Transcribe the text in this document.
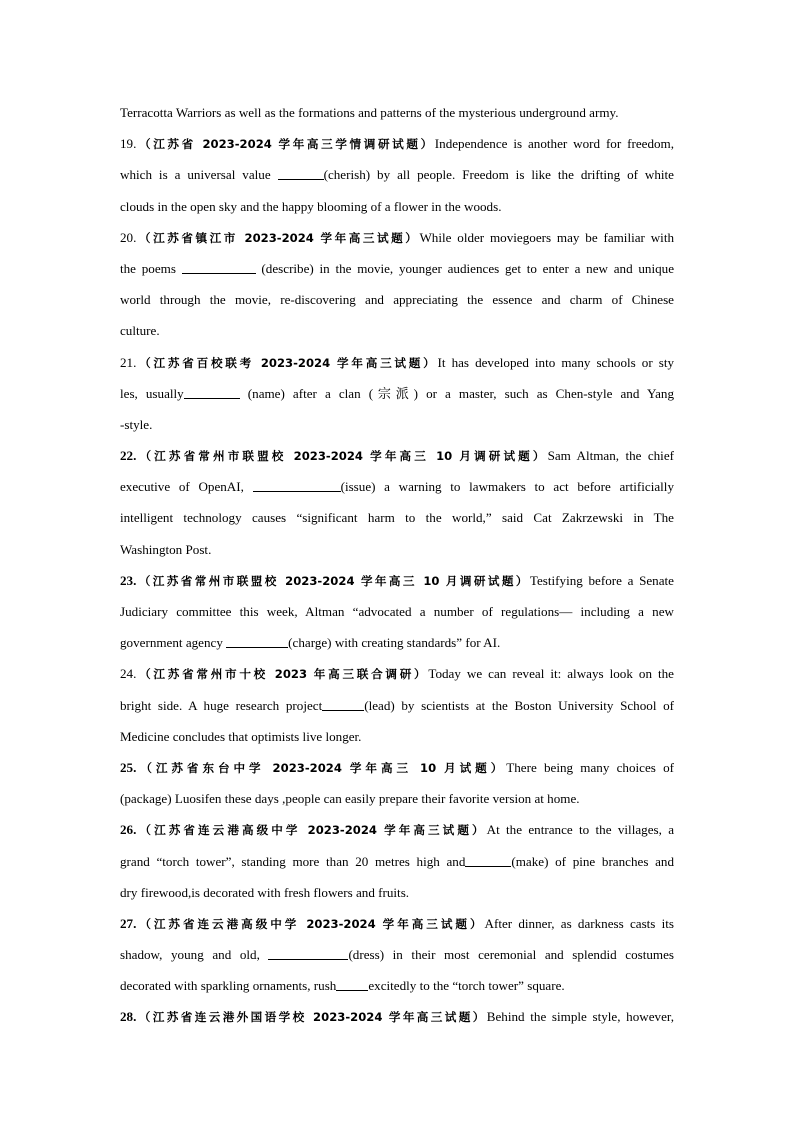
Terracotta Warriors as well as the formations and patterns of the mysterious underground army.
19.（江苏省 2023-2024 学年高三学情调研试题）Independence is another word for freedom,
which is a universal value	(cherish) by all people. Freedom is like the drifting of white
clouds in the open sky and the happy blooming of a flower in the woods.
20.（江苏省镇江市 2023-2024 学年高三试题）While older moviegoers may be familiar with
the poems	(describe) in the movie, younger audiences get to enter a new and unique
world through the movie, re-discovering and appreciating the essence and charm of Chinese
culture.
21.（江苏省百校联考 2023-2024 学年高三试题）It has developed into many schools or sty
les, usually	(name) after a clan (宗派) or a master, such as Chen-style and Yang
-style.
22.（江苏省常州市联盟校 2023-2024 学年高三 10 月调研试题）Sam Altman, the chief
executive of OpenAI,	(issue) a warning to lawmakers to act before artificially
intelligent technology causes “significant harm to the world,” said Cat Zakrzewski in The
Washington Post.
23.（江苏省常州市联盟校 2023-2024 学年高三 10 月调研试题）Testifying before a Senate
Judiciary committee this week, Altman “advocated a number of regulations— including a new
government agency	(charge) with creating standards” for AI.
24.（江苏省常州市十校 2023 年高三联合调研）Today we can reveal it: always look on the
bright side. A huge research project	(lead) by scientists at the Boston University School of
Medicine concludes that optimists live longer.
25.（江苏省东台中学 2023-2024 学年高三 10 月试题）There being many choices of
(package) Luosifen these days ,people can easily prepare their favorite version at home.
26.（江苏省连云港高级中学 2023-2024 学年高三试题）At the entrance to the villages, a
grand “torch tower”, standing more than 20 metres high and	(make) of pine branches and
dry firewood,is decorated with fresh flowers and fruits.
27.（江苏省连云港高级中学 2023-2024 学年高三试题）After dinner, as darkness casts its
shadow, young and old,	(dress) in their most ceremonial and splendid costumes
decorated with sparkling ornaments, rush excitedly to the “torch tower” square.
28.（江苏省连云港外国语学校 2023-2024 学年高三试题）Behind the simple style, however,
